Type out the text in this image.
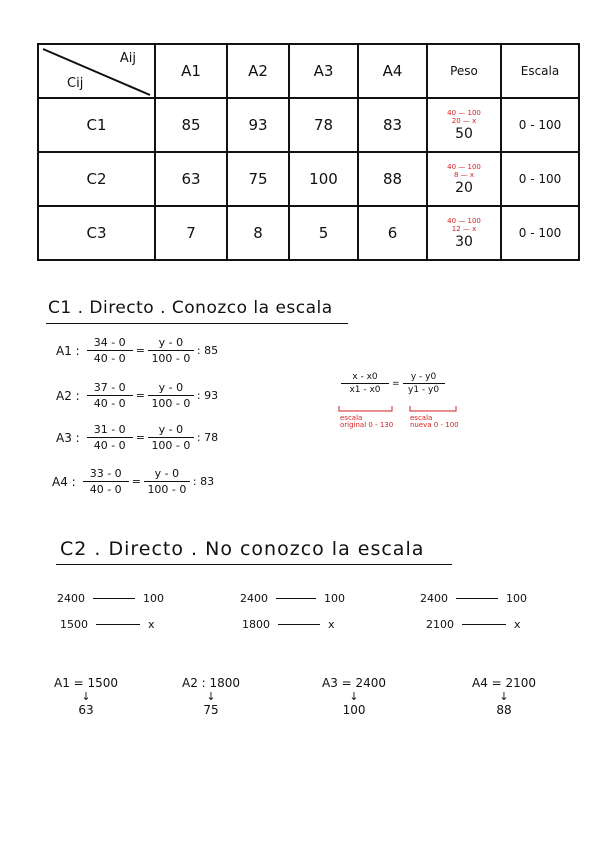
Aij
Cij	A1	A2	A3	A4	Peso	Escala
C1	85	93	78	83	40 — 100
20 — x
50	0 - 100
C2	63	75	100	88	40 — 100
8 — x
20	0 - 100
C3	7	8	5	6	40 — 100
12 — x
30	0 - 100
C1 . Directo . Conozco la escala
A1 : $\frac{34 - 0}{40 - 0} = \frac{y - 0}{100 - 0}$ : 85
A2 : $\frac{37 - 0}{40 - 0} = \frac{y - 0}{100 - 0}$ : 93
A3 : $\frac{31 - 0}{40 - 0} = \frac{y - 0}{100 - 0}$ : 78
A4 : $\frac{33 - 0}{40 - 0} = \frac{y - 0}{100 - 0}$ : 83
$\frac{x - x0}{x1 - x0} = \frac{y - y0}{y1 - y0}$
escala
original 0 - 130
escala
nueva 0 - 100
C2 . Directo . No conozco la escala
2400	100
1500	x
2400	100
1800	x
2400	100
2100	x
A1 = 1500
↓
63
A2 : 1800
↓
75
A3 = 2400
↓
100
A4 = 2100
↓
88
